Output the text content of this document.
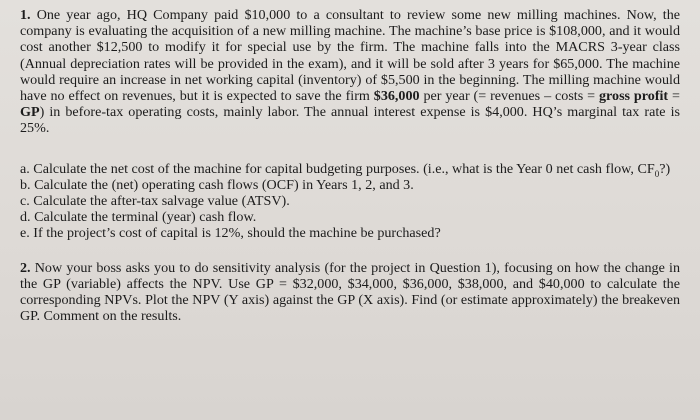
1. One year ago, HQ Company paid $10,000 to a consultant to review some new milling machines. Now, the company is evaluating the acquisition of a new milling machine. The machine’s base price is $108,000, and it would cost another $12,500 to modify it for special use by the firm. The machine falls into the MACRS 3-year class (Annual depreciation rates will be provided in the exam), and it will be sold after 3 years for $65,000. The machine would require an increase in net working capital (inventory) of $5,500 in the beginning. The milling machine would have no effect on revenues, but it is expected to save the firm $36,000 per year (= revenues – costs = gross profit = GP) in before-tax operating costs, mainly labor. The annual interest expense is $4,000. HQ’s marginal tax rate is 25%.

a. Calculate the net cost of the machine for capital budgeting purposes. (i.e., what is the Year 0 net cash flow, $CF_0$?)

b. Calculate the (net) operating cash flows (OCF) in Years 1, 2, and 3.

c. Calculate the after-tax salvage value (ATSV).

d. Calculate the terminal (year) cash flow.

e. If the project’s cost of capital is 12%, should the machine be purchased?

2. Now your boss asks you to do sensitivity analysis (for the project in Question 1), focusing on how the change in the GP (variable) affects the NPV. Use GP = $32,000, $34,000, $36,000, $38,000, and $40,000 to calculate the corresponding NPVs. Plot the NPV (Y axis) against the GP (X axis). Find (or estimate approximately) the breakeven GP. Comment on the results.
